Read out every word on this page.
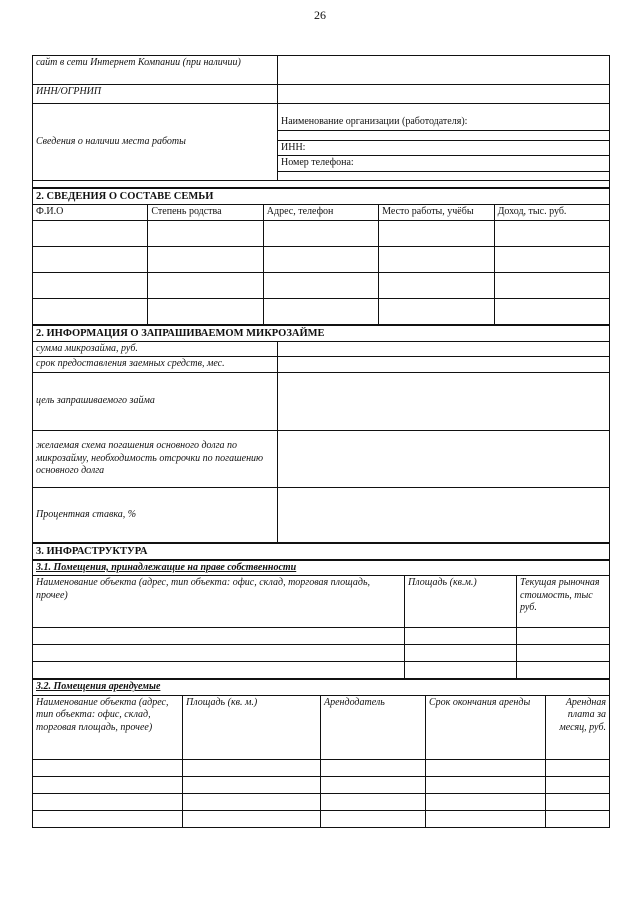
26
сайт в сети Интернет Компании (при наличии)	
ИНН/ОГРНИП	
Сведения о наличии места работы	
Наименование организации (работодателя):

ИНН:
Номер телефона:

2. СВЕДЕНИЯ О СОСТАВЕ СЕМЬИ				
Ф.И.О	Степень родства	Адрес, телефон	Место работы, учёбы	Доход, тыс. руб.

2. ИНФОРМАЦИЯ О ЗАПРАШИВАЕМОМ МИКРОЗАЙМЕ	
сумма микрозайма, руб.	
срок предоставления заемных средств, мес.	
цель запрашиваемого займа	
желаемая схема погашения основного долга по микрозайму, необходимость отсрочки по погашению основного долга	
Процентная ставка, %	
3. ИНФРАСТРУКТУРА
3.1. Помещения, принадлежащие на праве собственности		
Наименование объекта (адрес, тип объекта: офис, склад, торговая площадь, прочее)	Площадь (кв.м.)	Текущая рыночная стоимость, тыс руб.

3.2. Помещения арендуемые				
Наименование объекта (адрес, тип объекта: офис, склад, торговая площадь, прочее)	Площадь (кв. м.)	Арендодатель	Срок окончания аренды	Арендная плата за месяц, руб.
